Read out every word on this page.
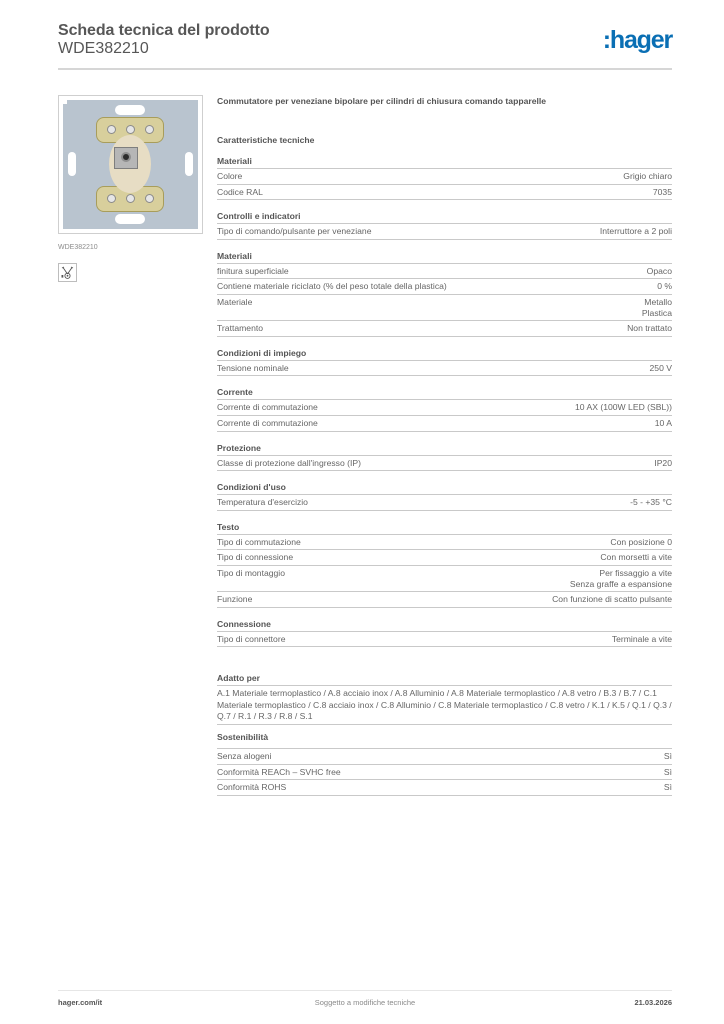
Scheda tecnica del prodotto
WDE382210	:hager
WDE382210
Commutatore per veneziane bipolare per cilindri di chiusura comando tapparelle
Caratteristiche tecniche
Materiali
Colore	Grigio chiaro
Codice RAL	7035
Controlli e indicatori
Tipo di comando/pulsante per veneziane	Interruttore a 2 poli
Materiali
finitura superficiale	Opaco
Contiene materiale riciclato (% del peso totale della plastica)	0 %
Materiale	Metallo
Plastica
Trattamento	Non trattato
Condizioni di impiego
Tensione nominale	250 V
Corrente
Corrente di commutazione	10 AX (100W LED (SBL))
Corrente di commutazione	10 A
Protezione
Classe di protezione dall'ingresso (IP)	IP20
Condizioni d'uso
Temperatura d'esercizio	-5 - +35 °C
Testo
Tipo di commutazione	Con posizione 0
Tipo di connessione	Con morsetti a vite
Tipo di montaggio	Per fissaggio a vite
Senza graffe a espansione
Funzione	Con funzione di scatto pulsante
Connessione
Tipo di connettore	Terminale a vite
Adatto per
A.1 Materiale termoplastico / A.8 acciaio inox / A.8 Alluminio / A.8 Materiale termoplastico / A.8 vetro / B.3 / B.7 / C.1 Materiale termoplastico / C.8 acciaio inox / C.8 Alluminio / C.8 Materiale termoplastico / C.8 vetro / K.1 / K.5 / Q.1 / Q.3 / Q.7 / R.1 / R.3 / R.8 / S.1
Sostenibilità
Senza alogeni	Sì
Conformità REACh – SVHC free	Sì
Conformità ROHS	Sì
Soggetto a modifiche tecniche
hager.com/it	21.03.2026
